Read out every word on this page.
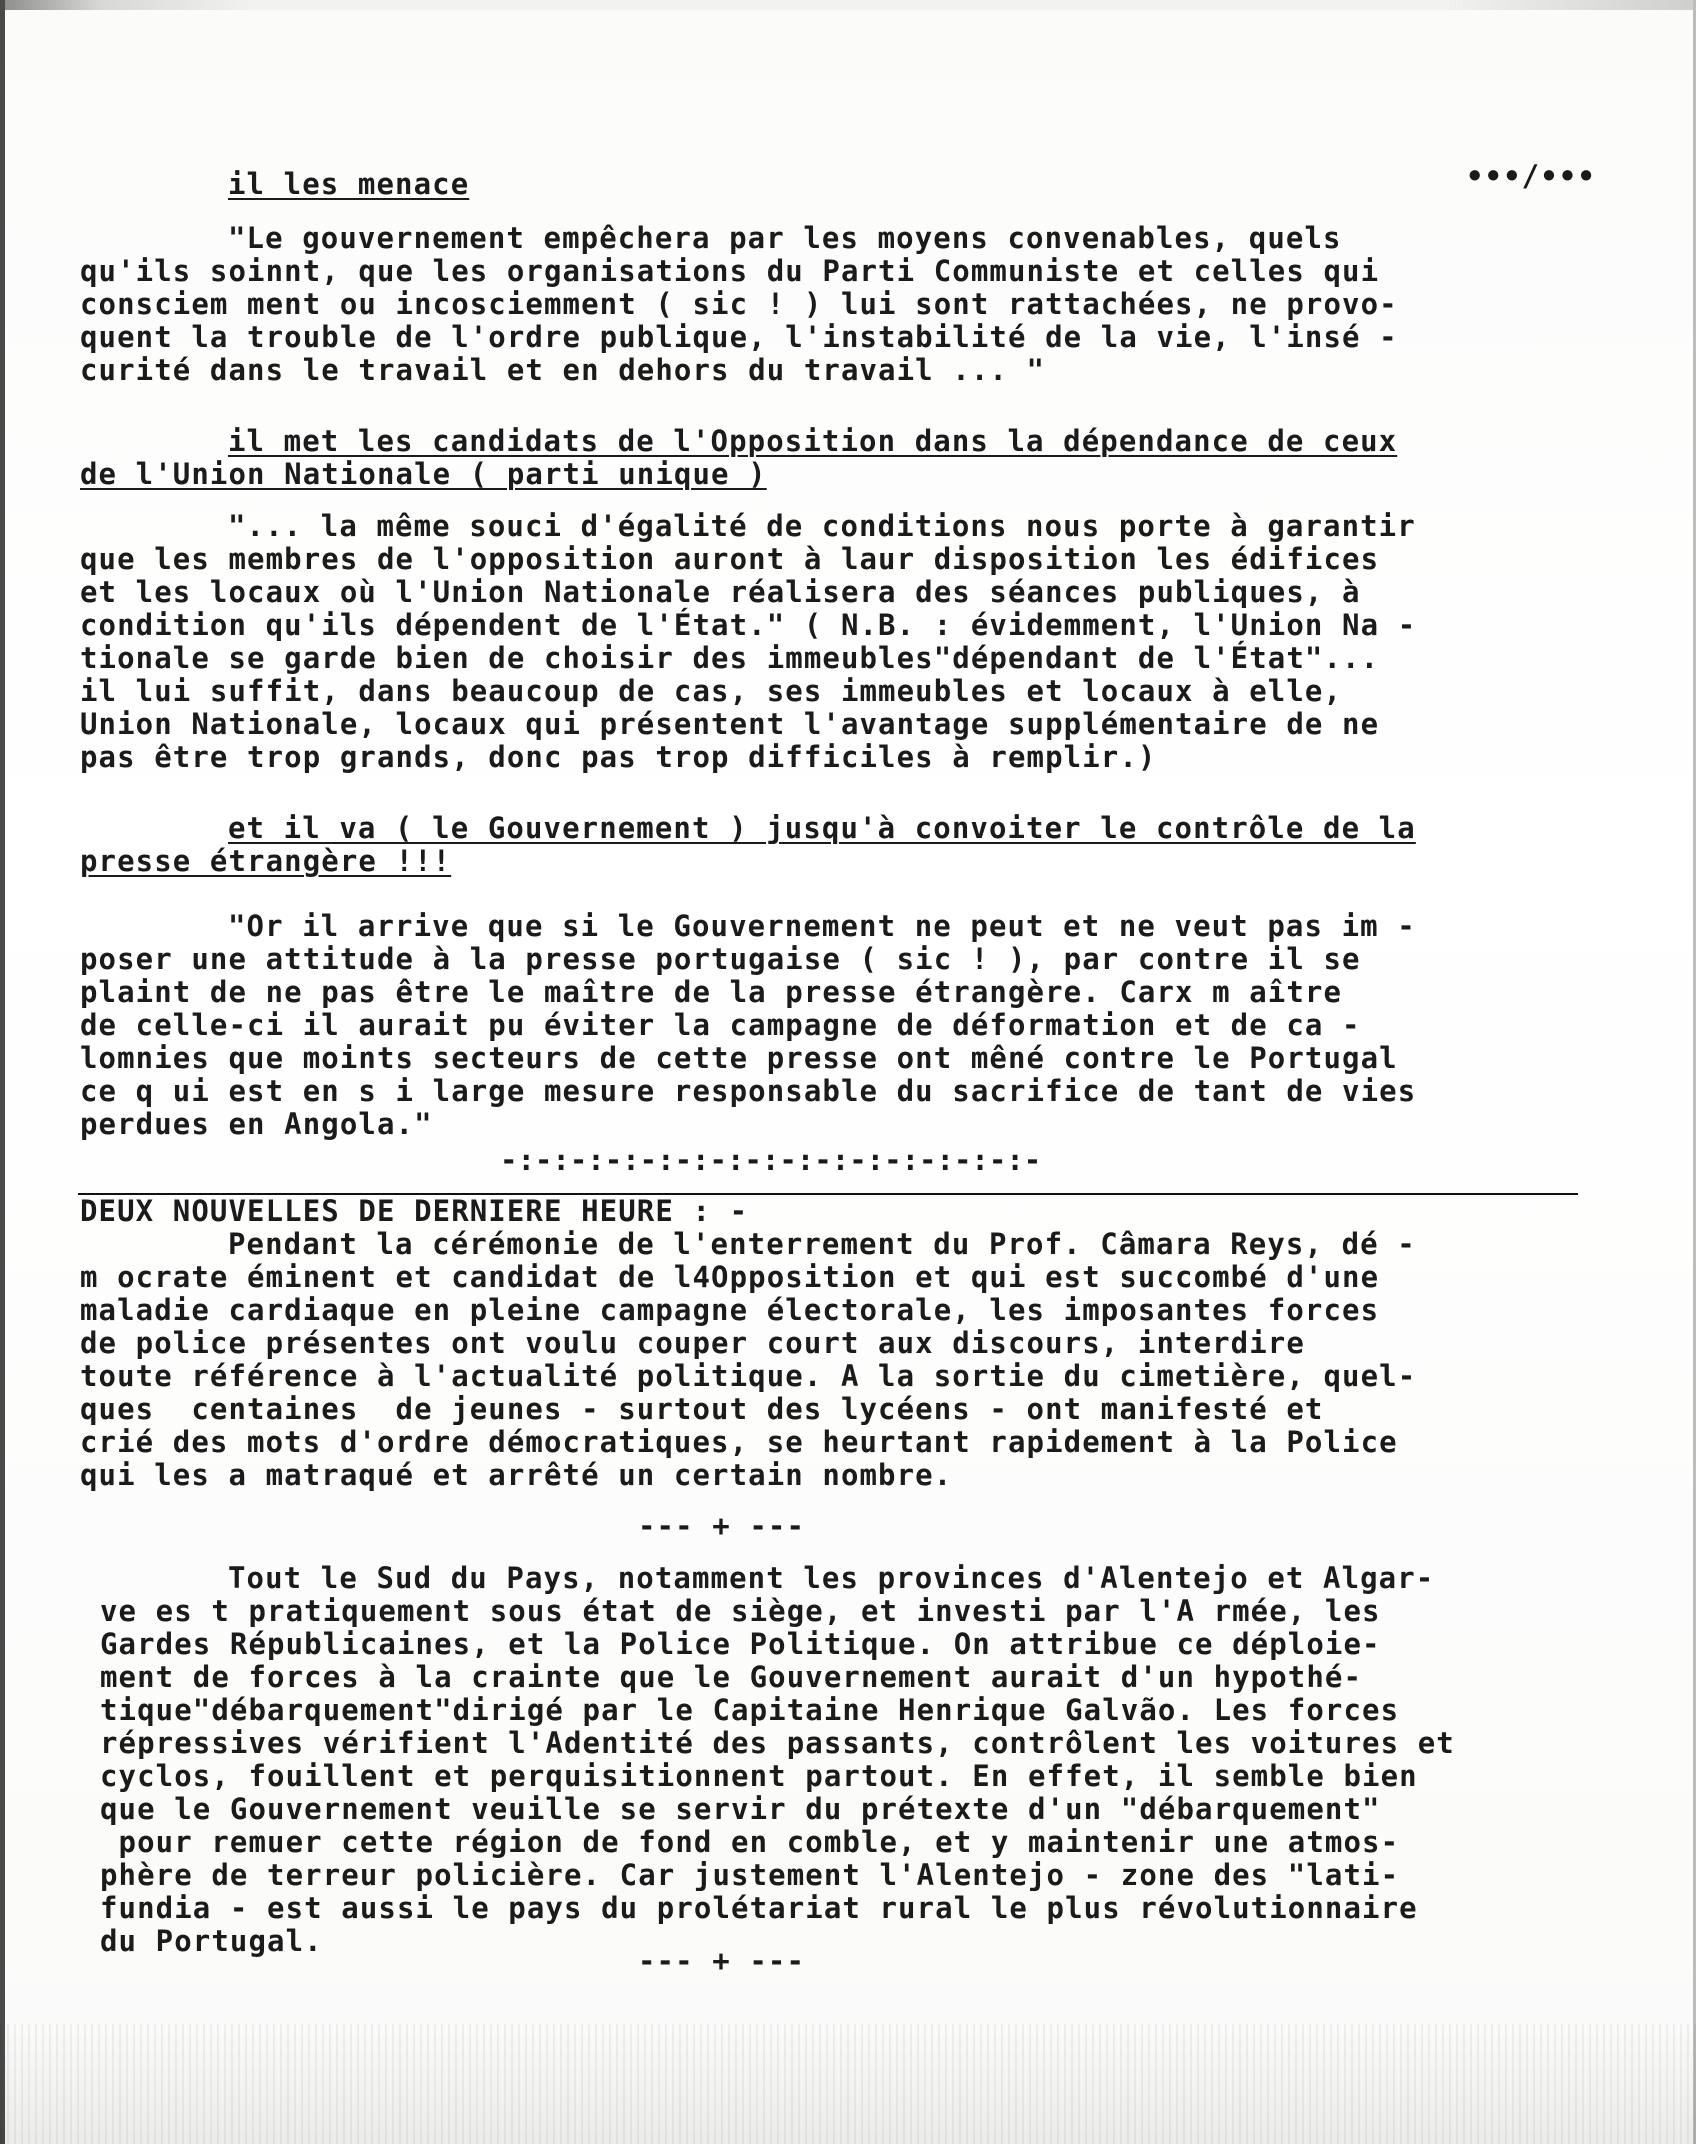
•••/•••
il les menace
"Le gouvernement empêchera par les moyens convenables, quels
qu'ils soinnt, que les organisations du Parti Communiste et celles qui
consciem ment ou incosciemment ( sic ! ) lui sont rattachées, ne provo-
quent la trouble de l'ordre publique, l'instabilité de la vie, l'insé -
curité dans le travail et en dehors du travail ... "
il met les candidats de l'Opposition dans la dépendance de ceux
de l'Union Nationale ( parti unique )
"... la même souci d'égalité de conditions nous porte à garantir
que les membres de l'opposition auront à laur disposition les édifices
et les locaux où l'Union Nationale réalisera des séances publiques, à
condition qu'ils dépendent de l'État." ( N.B. : évidemment, l'Union Na -
tionale se garde bien de choisir des immeubles"dépendant de l'État"...
il lui suffit, dans beaucoup de cas, ses immeubles et locaux à elle,
Union Nationale, locaux qui présentent l'avantage supplémentaire de ne
pas être trop grands, donc pas trop difficiles à remplir.)
et il va ( le Gouvernement ) jusqu'à convoiter le contrôle de la
presse étrangère !!!
"Or il arrive que si le Gouvernement ne peut et ne veut pas im -
poser une attitude à la presse portugaise ( sic ! ), par contre il se
plaint de ne pas être le maître de la presse étrangère. Carx m aître
de celle-ci il aurait pu éviter la campagne de déformation et de ca -
lomnies que moints secteurs de cette presse ont mêné contre le Portugal
ce q ui est en s i large mesure responsable du sacrifice de tant de vies
perdues en Angola."
-:-:-:-:-:-:-:-:-:-:-:-:-:-:-:-
DEUX NOUVELLES DE DERNIERE HEURE : -
Pendant la cérémonie de l'enterrement du Prof. Câmara Reys, dé -
m ocrate éminent et candidat de l4Opposition et qui est succombé d'une
maladie cardiaque en pleine campagne électorale, les imposantes forces
de police présentes ont voulu couper court aux discours, interdire
toute référence à l'actualité politique. A la sortie du cimetière, quel-
ques  centaines  de jeunes - surtout des lycéens - ont manifesté et
crié des mots d'ordre démocratiques, se heurtant rapidement à la Police
qui les a matraqué et arrêté un certain nombre.
--- + ---
Tout le Sud du Pays, notamment les provinces d'Alentejo et Algar-
ve es t pratiquement sous état de siège, et investi par l'A rmée, les
Gardes Républicaines, et la Police Politique. On attribue ce déploie-
ment de forces à la crainte que le Gouvernement aurait d'un hypothé-
tique"débarquement"dirigé par le Capitaine Henrique Galvão. Les forces
répressives vérifient l'Adentité des passants, contrôlent les voitures et
cyclos, fouillent et perquisitionnent partout. En effet, il semble bien
que le Gouvernement veuille se servir du prétexte d'un "débarquement"
pour remuer cette région de fond en comble, et y maintenir une atmos-
phère de terreur policière. Car justement l'Alentejo - zone des "lati-
fundia - est aussi le pays du prolétariat rural le plus révolutionnaire
du Portugal.
--- + ---
